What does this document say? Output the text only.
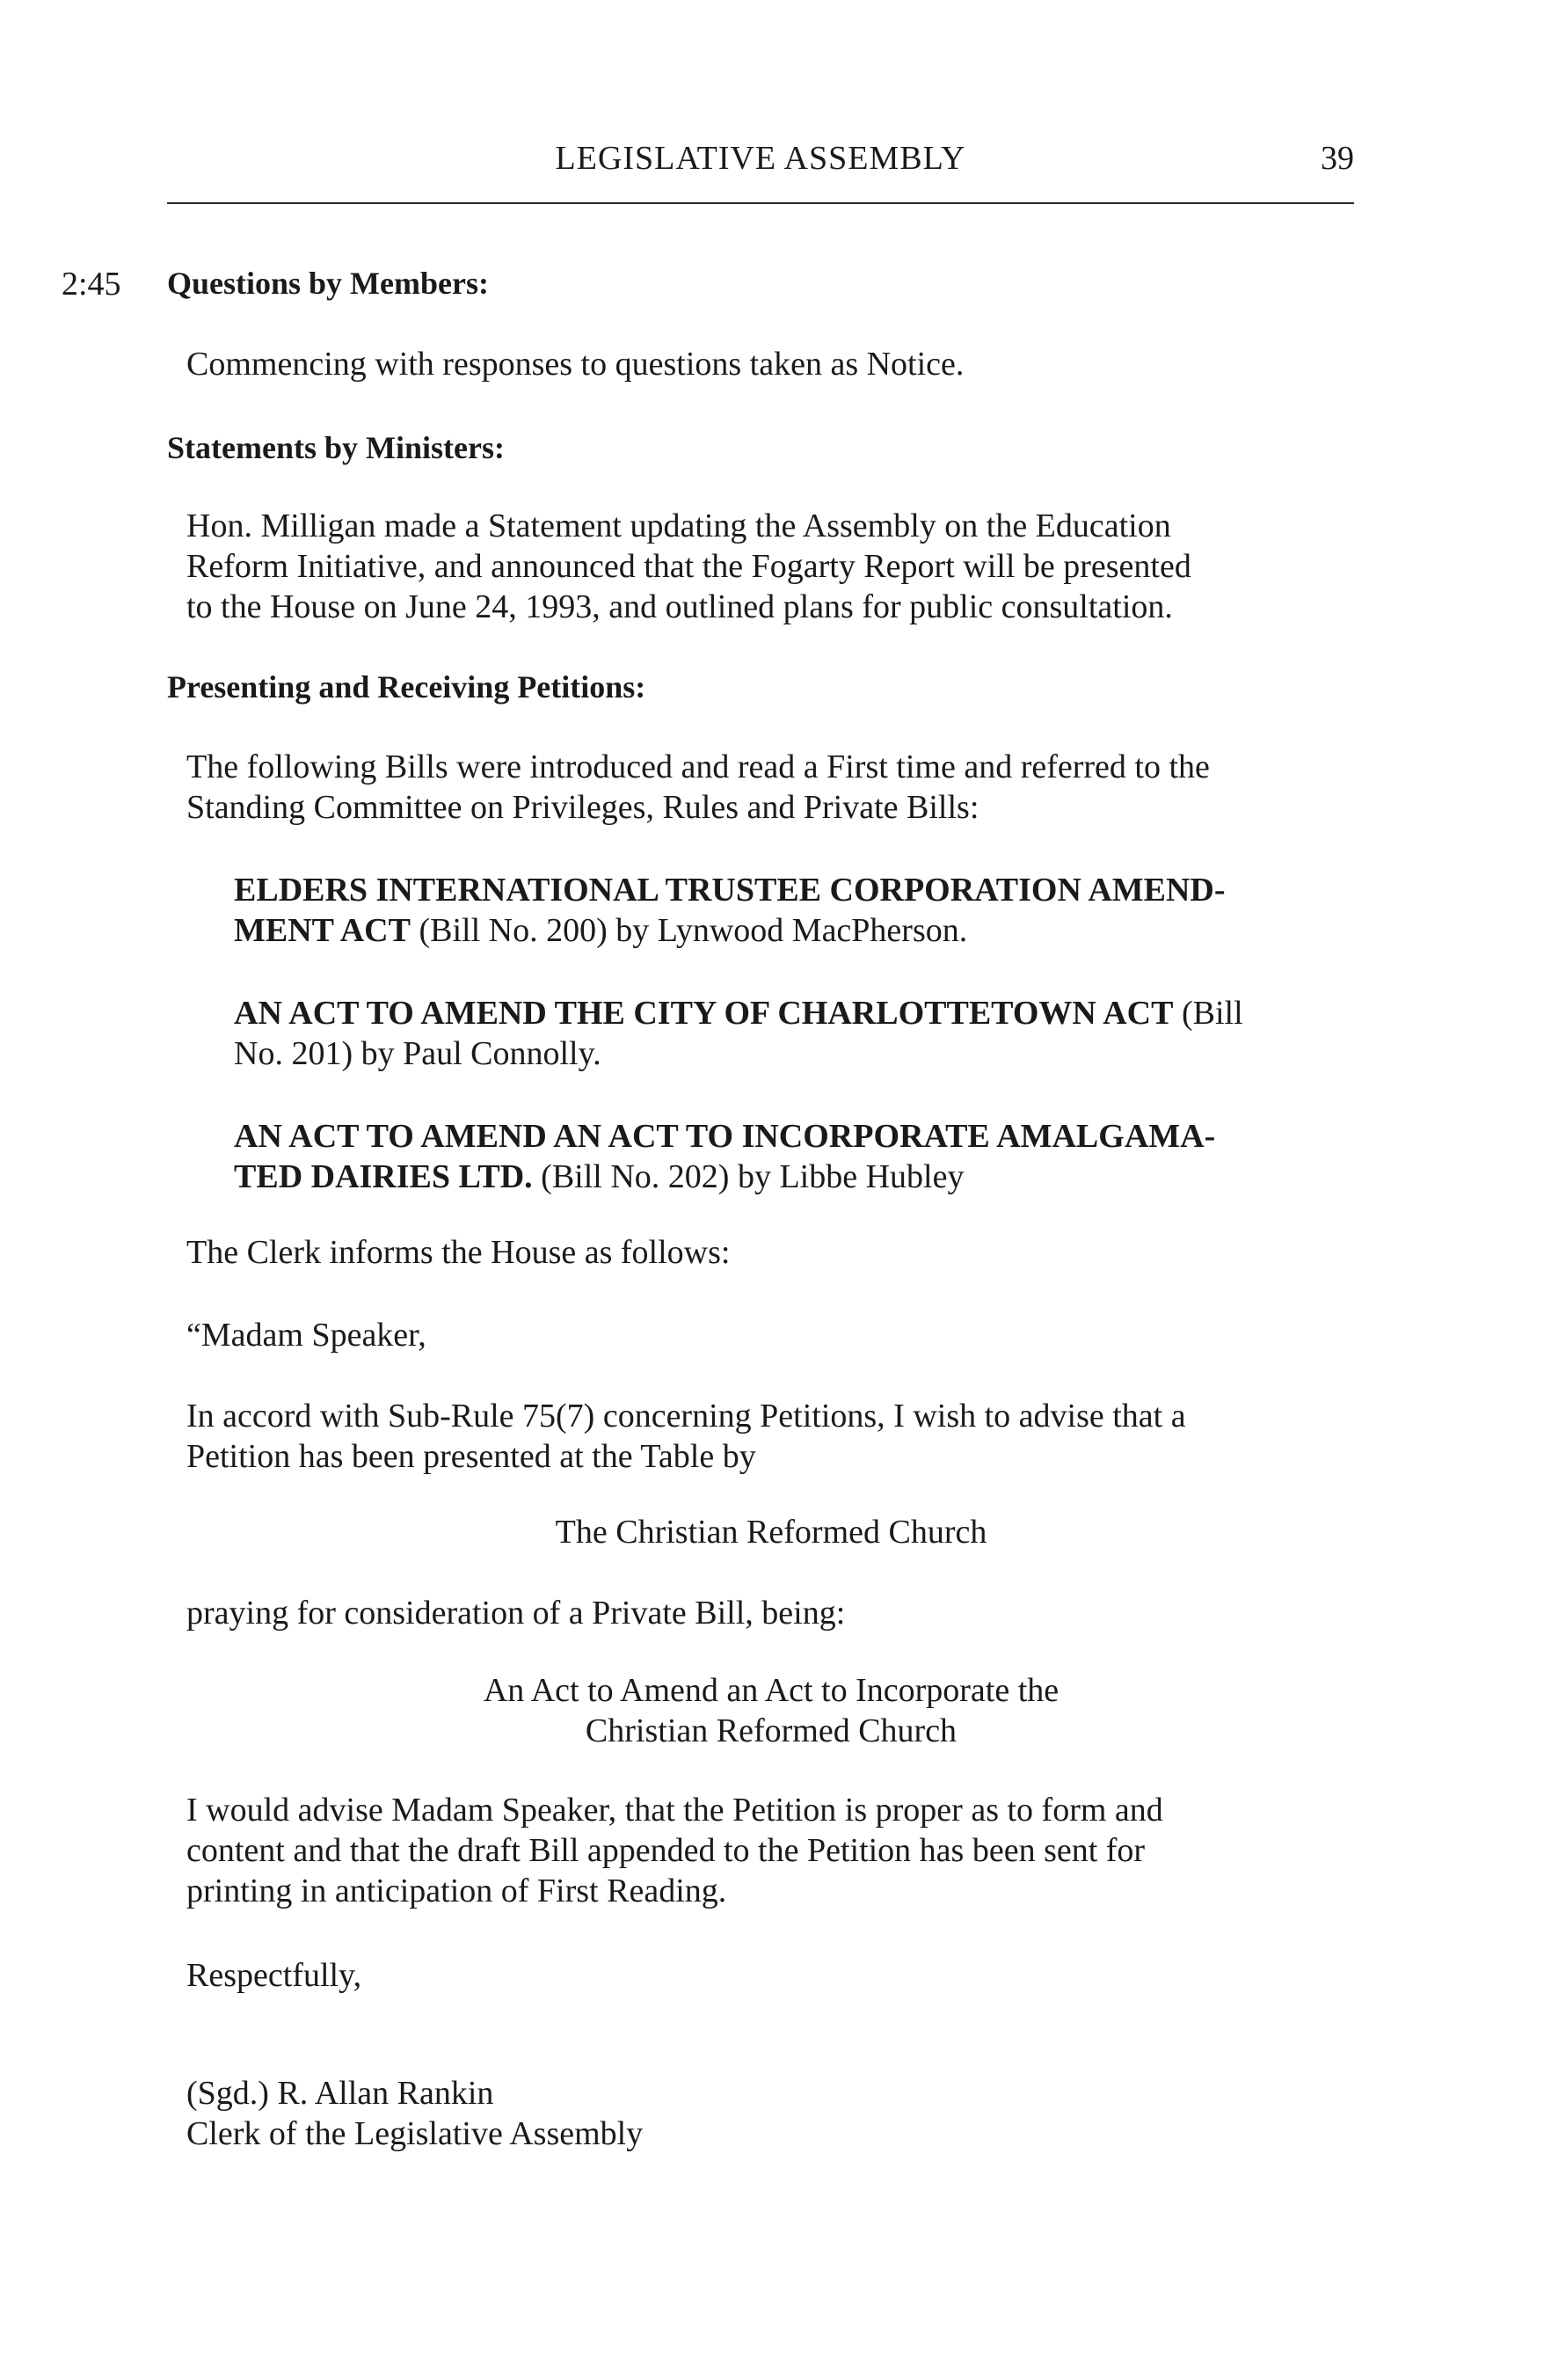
LEGISLATIVE ASSEMBLY	39
2:45 Questions by Members:
Commencing with responses to questions taken as Notice.
Statements by Ministers:
Hon. Milligan made a Statement updating the Assembly on the Education
Reform Initiative, and announced that the Fogarty Report will be presented
to the House on June 24, 1993, and outlined plans for public consultation.
Presenting and Receiving Petitions:
The following Bills were introduced and read a First time and referred to the
Standing Committee on Privileges, Rules and Private Bills:
ELDERS INTERNATIONAL TRUSTEE CORPORATION AMEND-
MENT ACT (Bill No. 200) by Lynwood MacPherson.
AN ACT TO AMEND THE CITY OF CHARLOTTETOWN ACT (Bill
No. 201) by Paul Connolly.
AN ACT TO AMEND AN ACT TO INCORPORATE AMALGAMA-
TED DAIRIES LTD. (Bill No. 202) by Libbe Hubley
The Clerk informs the House as follows:
“Madam Speaker,
In accord with Sub-Rule 75(7) concerning Petitions, I wish to advise that a
Petition has been presented at the Table by
The Christian Reformed Church
praying for consideration of a Private Bill, being:
An Act to Amend an Act to Incorporate the
Christian Reformed Church
I would advise Madam Speaker, that the Petition is proper as to form and
content and that the draft Bill appended to the Petition has been sent for
printing in anticipation of First Reading.
Respectfully,
(Sgd.) R. Allan Rankin
Clerk of the Legislative Assembly
